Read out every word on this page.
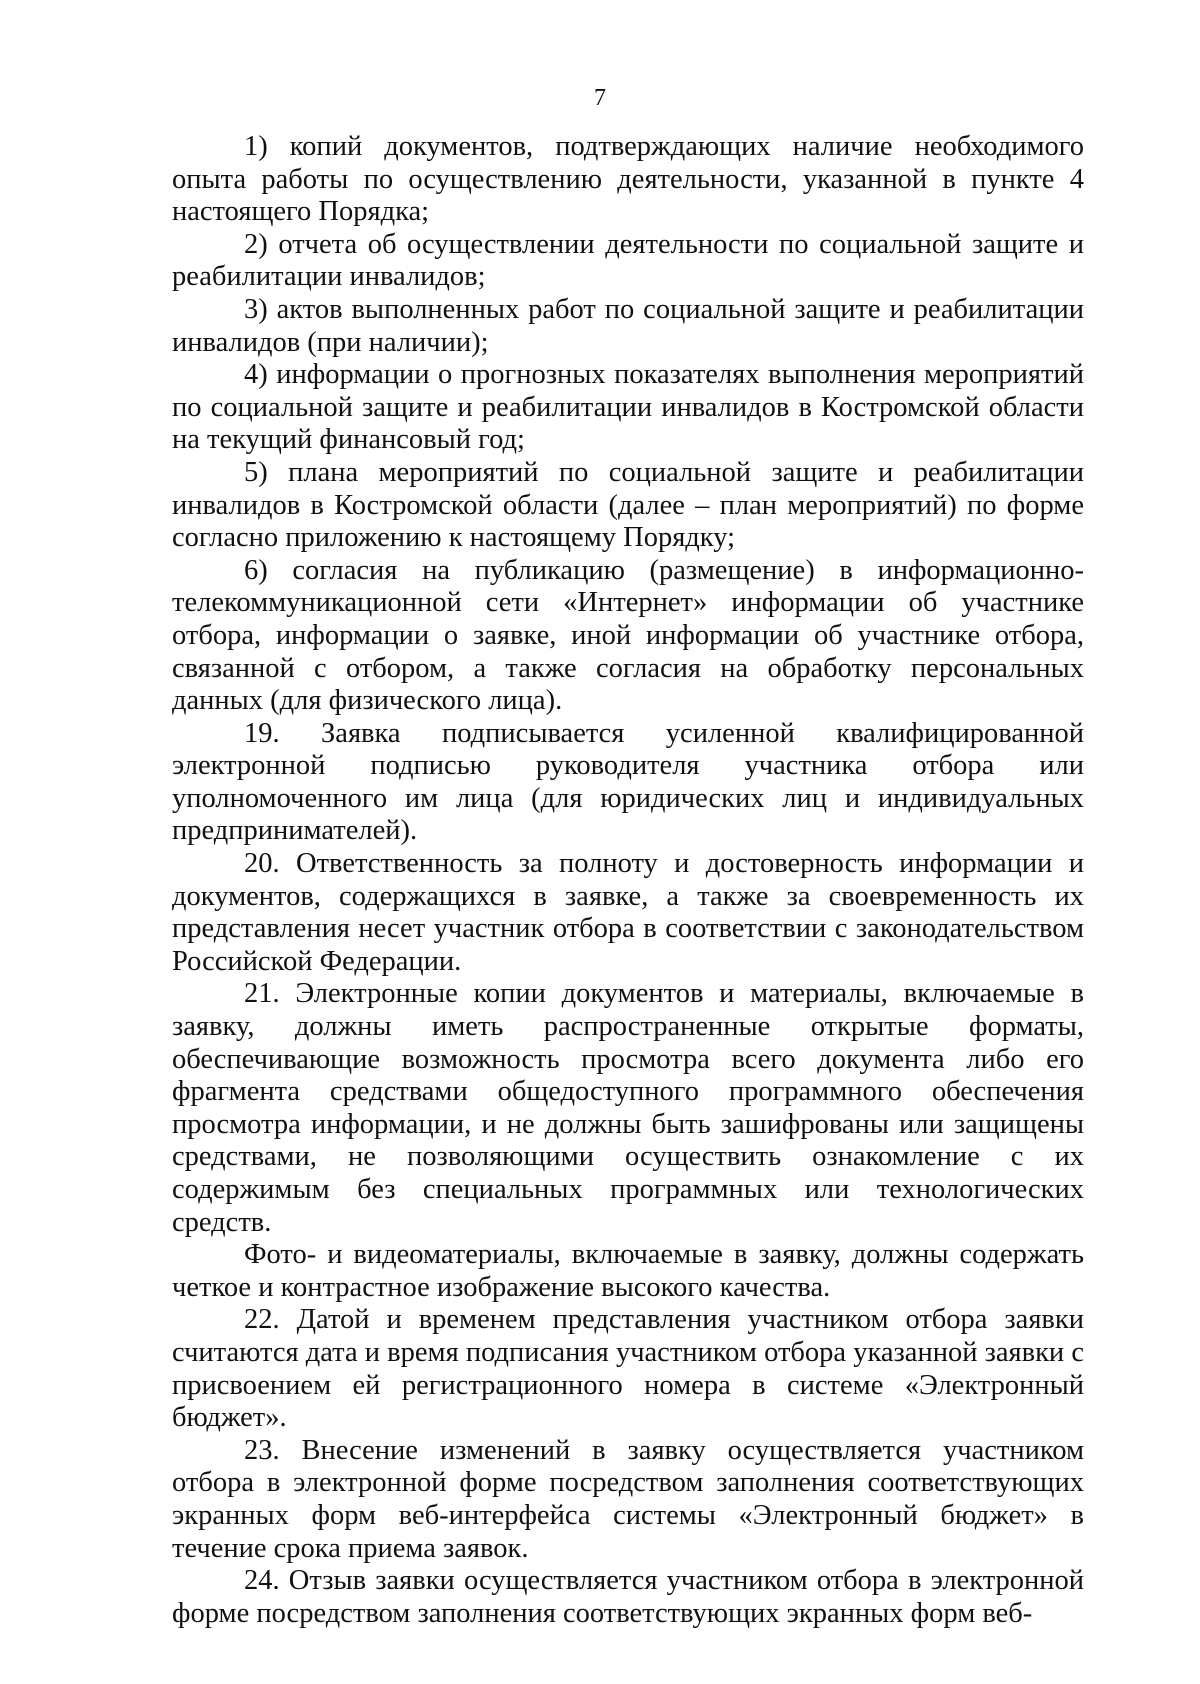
7

1) копий документов, подтверждающих наличие необходимого опыта работы по осуществлению деятельности, указанной в пункте 4 настоящего Порядка;

2) отчета об осуществлении деятельности по социальной защите и реабилитации инвалидов;

3) актов выполненных работ по социальной защите и реабилитации инвалидов (при наличии);

4) информации о прогнозных показателях выполнения мероприятий по социальной защите и реабилитации инвалидов в Костромской области на текущий финансовый год;

5) плана мероприятий по социальной защите и реабилитации инвалидов в Костромской области (далее – план мероприятий) по форме согласно приложению к настоящему Порядку;

6) согласия на публикацию (размещение) в информационно-телекоммуникационной сети «Интернет» информации об участнике отбора, информации о заявке, иной информации об участнике отбора, связанной с отбором, а также согласия на обработку персональных данных (для физического лица).

19. Заявка подписывается усиленной квалифицированной электронной подписью руководителя участника отбора или уполномоченного им лица (для юридических лиц и индивидуальных предпринимателей).

20. Ответственность за полноту и достоверность информации и документов, содержащихся в заявке, а также за своевременность их представления несет участник отбора в соответствии с законодательством Российской Федерации.

21. Электронные копии документов и материалы, включаемые в заявку, должны иметь распространенные открытые форматы, обеспечивающие возможность просмотра всего документа либо его фрагмента средствами общедоступного программного обеспечения просмотра информации, и не должны быть зашифрованы или защищены средствами, не позволяющими осуществить ознакомление с их содержимым без специальных программных или технологических средств.

Фото- и видеоматериалы, включаемые в заявку, должны содержать четкое и контрастное изображение высокого качества.

22. Датой и временем представления участником отбора заявки считаются дата и время подписания участником отбора указанной заявки с присвоением ей регистрационного номера в системе «Электронный бюджет».

23. Внесение изменений в заявку осуществляется участником отбора в электронной форме посредством заполнения соответствующих экранных форм веб-интерфейса системы «Электронный бюджет» в течение срока приема заявок.

24. Отзыв заявки осуществляется участником отбора в электронной форме посредством заполнения соответствующих экранных форм веб-
